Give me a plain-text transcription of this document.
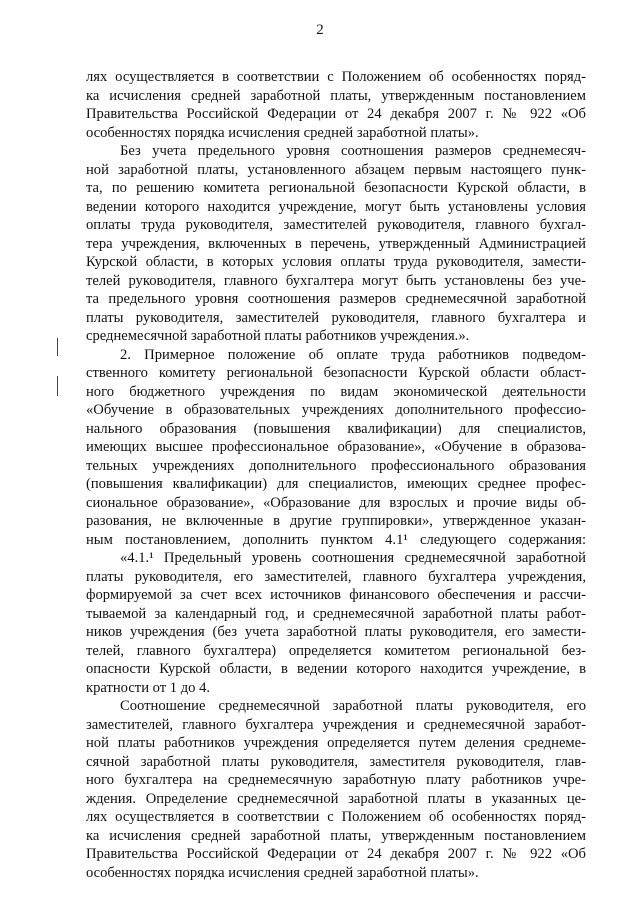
2
лях осуществляется в соответствии с Положением об особенностях поряд-
ка исчисления средней заработной платы, утвержденным постановлением
Правительства Российской Федерации от 24 декабря 2007 г. № 922 «Об
особенностях порядка исчисления средней заработной платы».
Без учета предельного уровня соотношения размеров среднемесяч-
ной заработной платы, установленного абзацем первым настоящего пунк-
та, по решению комитета региональной безопасности Курской области, в
ведении которого находится учреждение, могут быть установлены условия
оплаты труда руководителя, заместителей руководителя, главного бухгал-
тера учреждения, включенных в перечень, утвержденный Администрацией
Курской области, в которых условия оплаты труда руководителя, замести-
телей руководителя, главного бухгалтера могут быть установлены без уче-
та предельного уровня соотношения размеров среднемесячной заработной
платы руководителя, заместителей руководителя, главного бухгалтера и
среднемесячной заработной платы работников учреждения.».
2. Примерное положение об оплате труда работников подведом-
ственного комитету региональной безопасности Курской области област-
ного бюджетного учреждения по видам экономической деятельности
«Обучение в образовательных учреждениях дополнительного профессио-
нального образования (повышения квалификации) для специалистов,
имеющих высшее профессиональное образование», «Обучение в образова-
тельных учреждениях дополнительного профессионального образования
(повышения квалификации) для специалистов, имеющих среднее профес-
сиональное образование», «Образование для взрослых и прочие виды об-
разования, не включенные в другие группировки», утвержденное указан-
ным постановлением, дополнить пунктом 4.1¹ следующего содержания:
«4.1.¹ Предельный уровень соотношения среднемесячной заработной
платы руководителя, его заместителей, главного бухгалтера учреждения,
формируемой за счет всех источников финансового обеспечения и рассчи-
тываемой за календарный год, и среднемесячной заработной платы работ-
ников учреждения (без учета заработной платы руководителя, его замести-
телей, главного бухгалтера) определяется комитетом региональной без-
опасности Курской области, в ведении которого находится учреждение, в
кратности от 1 до 4.
Соотношение среднемесячной заработной платы руководителя, его
заместителей, главного бухгалтера учреждения и среднемесячной заработ-
ной платы работников учреждения определяется путем деления среднеме-
сячной заработной платы руководителя, заместителя руководителя, глав-
ного бухгалтера на среднемесячную заработную плату работников учре-
ждения. Определение среднемесячной заработной платы в указанных це-
лях осуществляется в соответствии с Положением об особенностях поряд-
ка исчисления средней заработной платы, утвержденным постановлением
Правительства Российской Федерации от 24 декабря 2007 г. № 922 «Об
особенностях порядка исчисления средней заработной платы».
